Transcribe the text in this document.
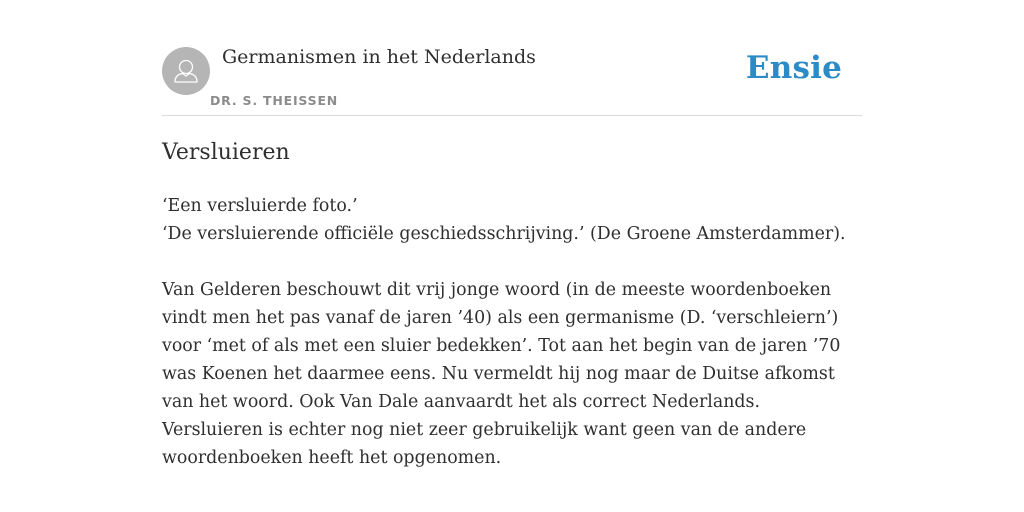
Germanismen in het Nederlands
DR. S. THEISSEN
Ensie
Versluieren

‘Een versluierde foto.’

‘De versluierende officiële geschiedsschrijving.’ (De Groene Amsterdammer).

Van Gelderen beschouwt dit vrij jonge woord (in de meeste woordenboeken vindt men het pas vanaf de jaren ’40) als een germanisme (D. ‘verschleiern’) voor ‘met of als met een sluier bedekken’. Tot aan het begin van de jaren ’70 was Koenen het daarmee eens. Nu vermeldt hij nog maar de Duitse afkomst van het woord. Ook Van Dale aanvaardt het als correct Nederlands. Versluieren is echter nog niet zeer gebruikelijk want geen van de andere woordenboeken heeft het opgenomen.
